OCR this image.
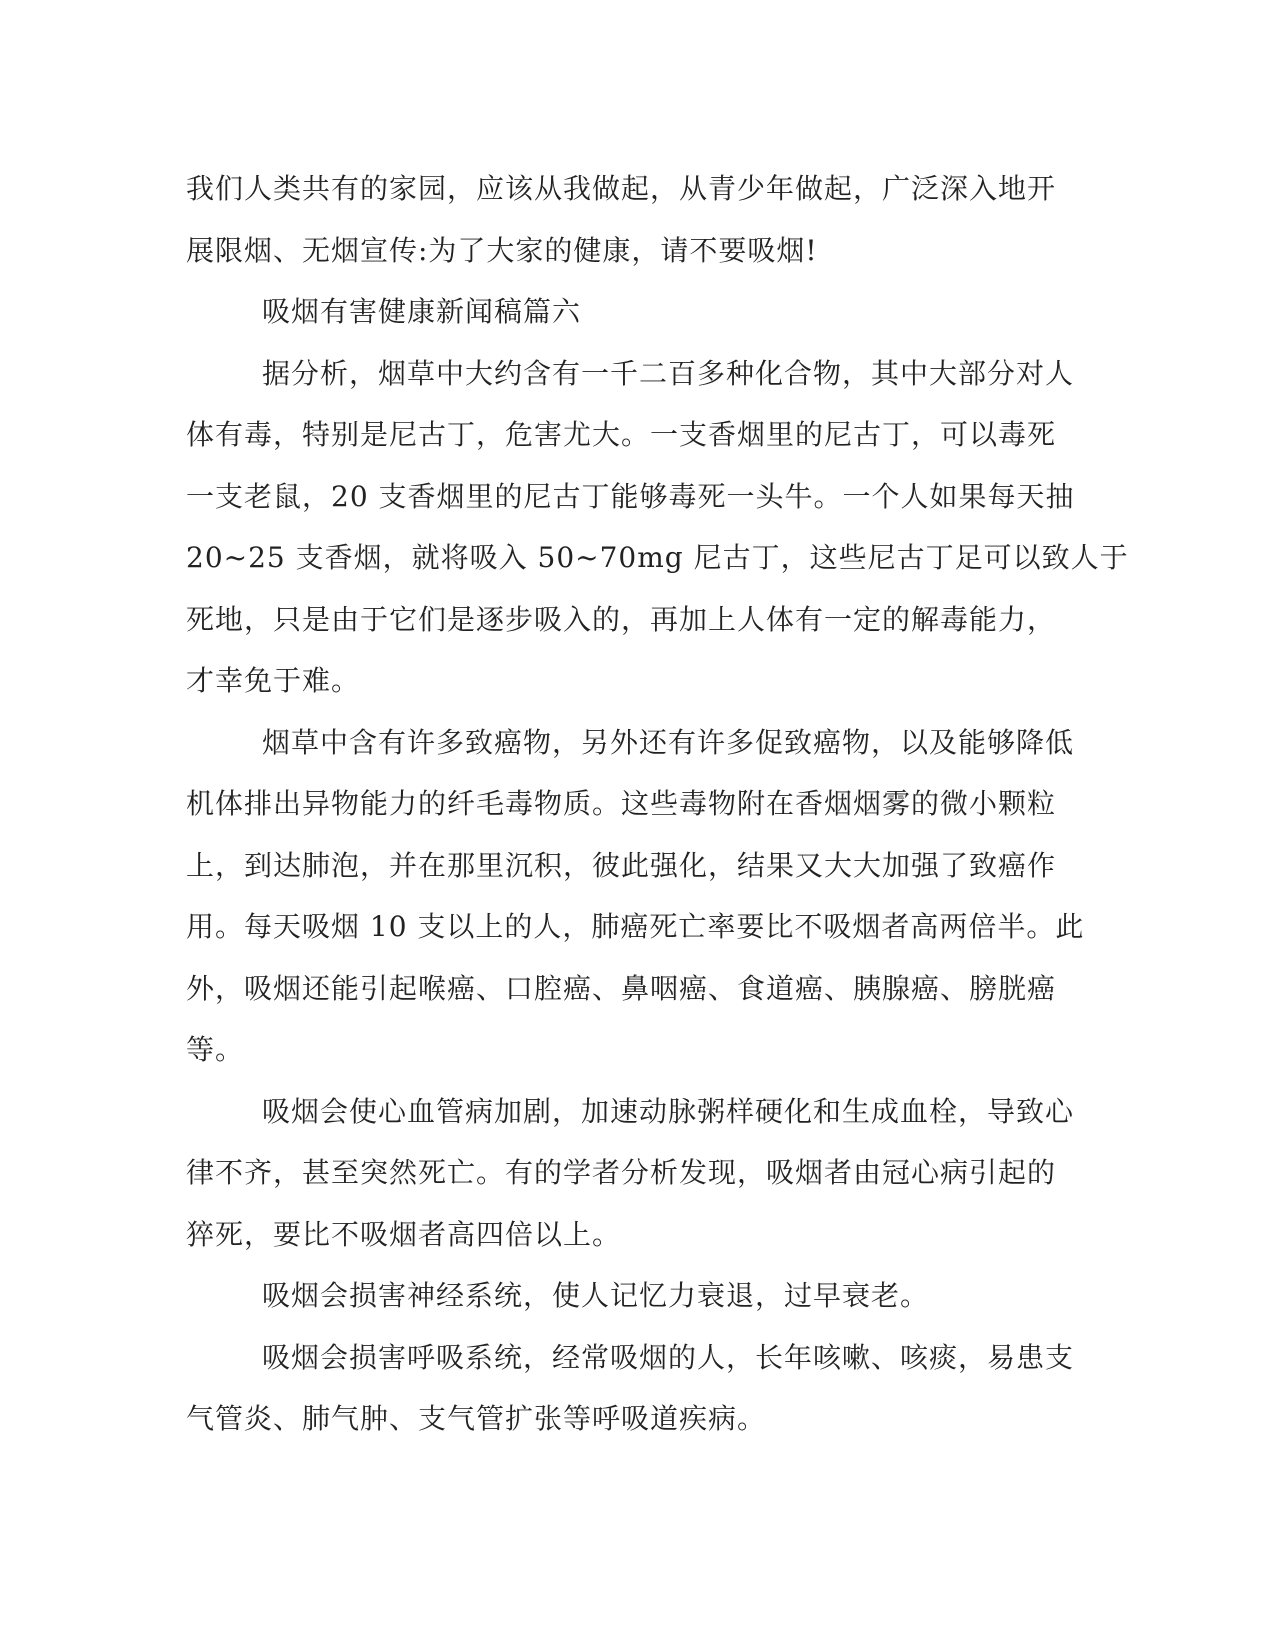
我们人类共有的家园，应该从我做起，从青少年做起，广泛深入地开
展限烟、无烟宣传:为了大家的健康，请不要吸烟!
吸烟有害健康新闻稿篇六
据分析，烟草中大约含有一千二百多种化合物，其中大部分对人
体有毒，特别是尼古丁，危害尤大。一支香烟里的尼古丁，可以毒死
一支老鼠，20 支香烟里的尼古丁能够毒死一头牛。一个人如果每天抽
20~25 支香烟，就将吸入 50~70mg 尼古丁，这些尼古丁足可以致人于
死地，只是由于它们是逐步吸入的，再加上人体有一定的解毒能力，
才幸免于难。
烟草中含有许多致癌物，另外还有许多促致癌物，以及能够降低
机体排出异物能力的纤毛毒物质。这些毒物附在香烟烟雾的微小颗粒
上，到达肺泡，并在那里沉积，彼此强化，结果又大大加强了致癌作
用。每天吸烟 10 支以上的人，肺癌死亡率要比不吸烟者高两倍半。此
外，吸烟还能引起喉癌、口腔癌、鼻咽癌、食道癌、胰腺癌、膀胱癌
等。
吸烟会使心血管病加剧，加速动脉粥样硬化和生成血栓，导致心
律不齐，甚至突然死亡。有的学者分析发现，吸烟者由冠心病引起的
猝死，要比不吸烟者高四倍以上。
吸烟会损害神经系统，使人记忆力衰退，过早衰老。
吸烟会损害呼吸系统，经常吸烟的人，长年咳嗽、咳痰，易患支
气管炎、肺气肿、支气管扩张等呼吸道疾病。
